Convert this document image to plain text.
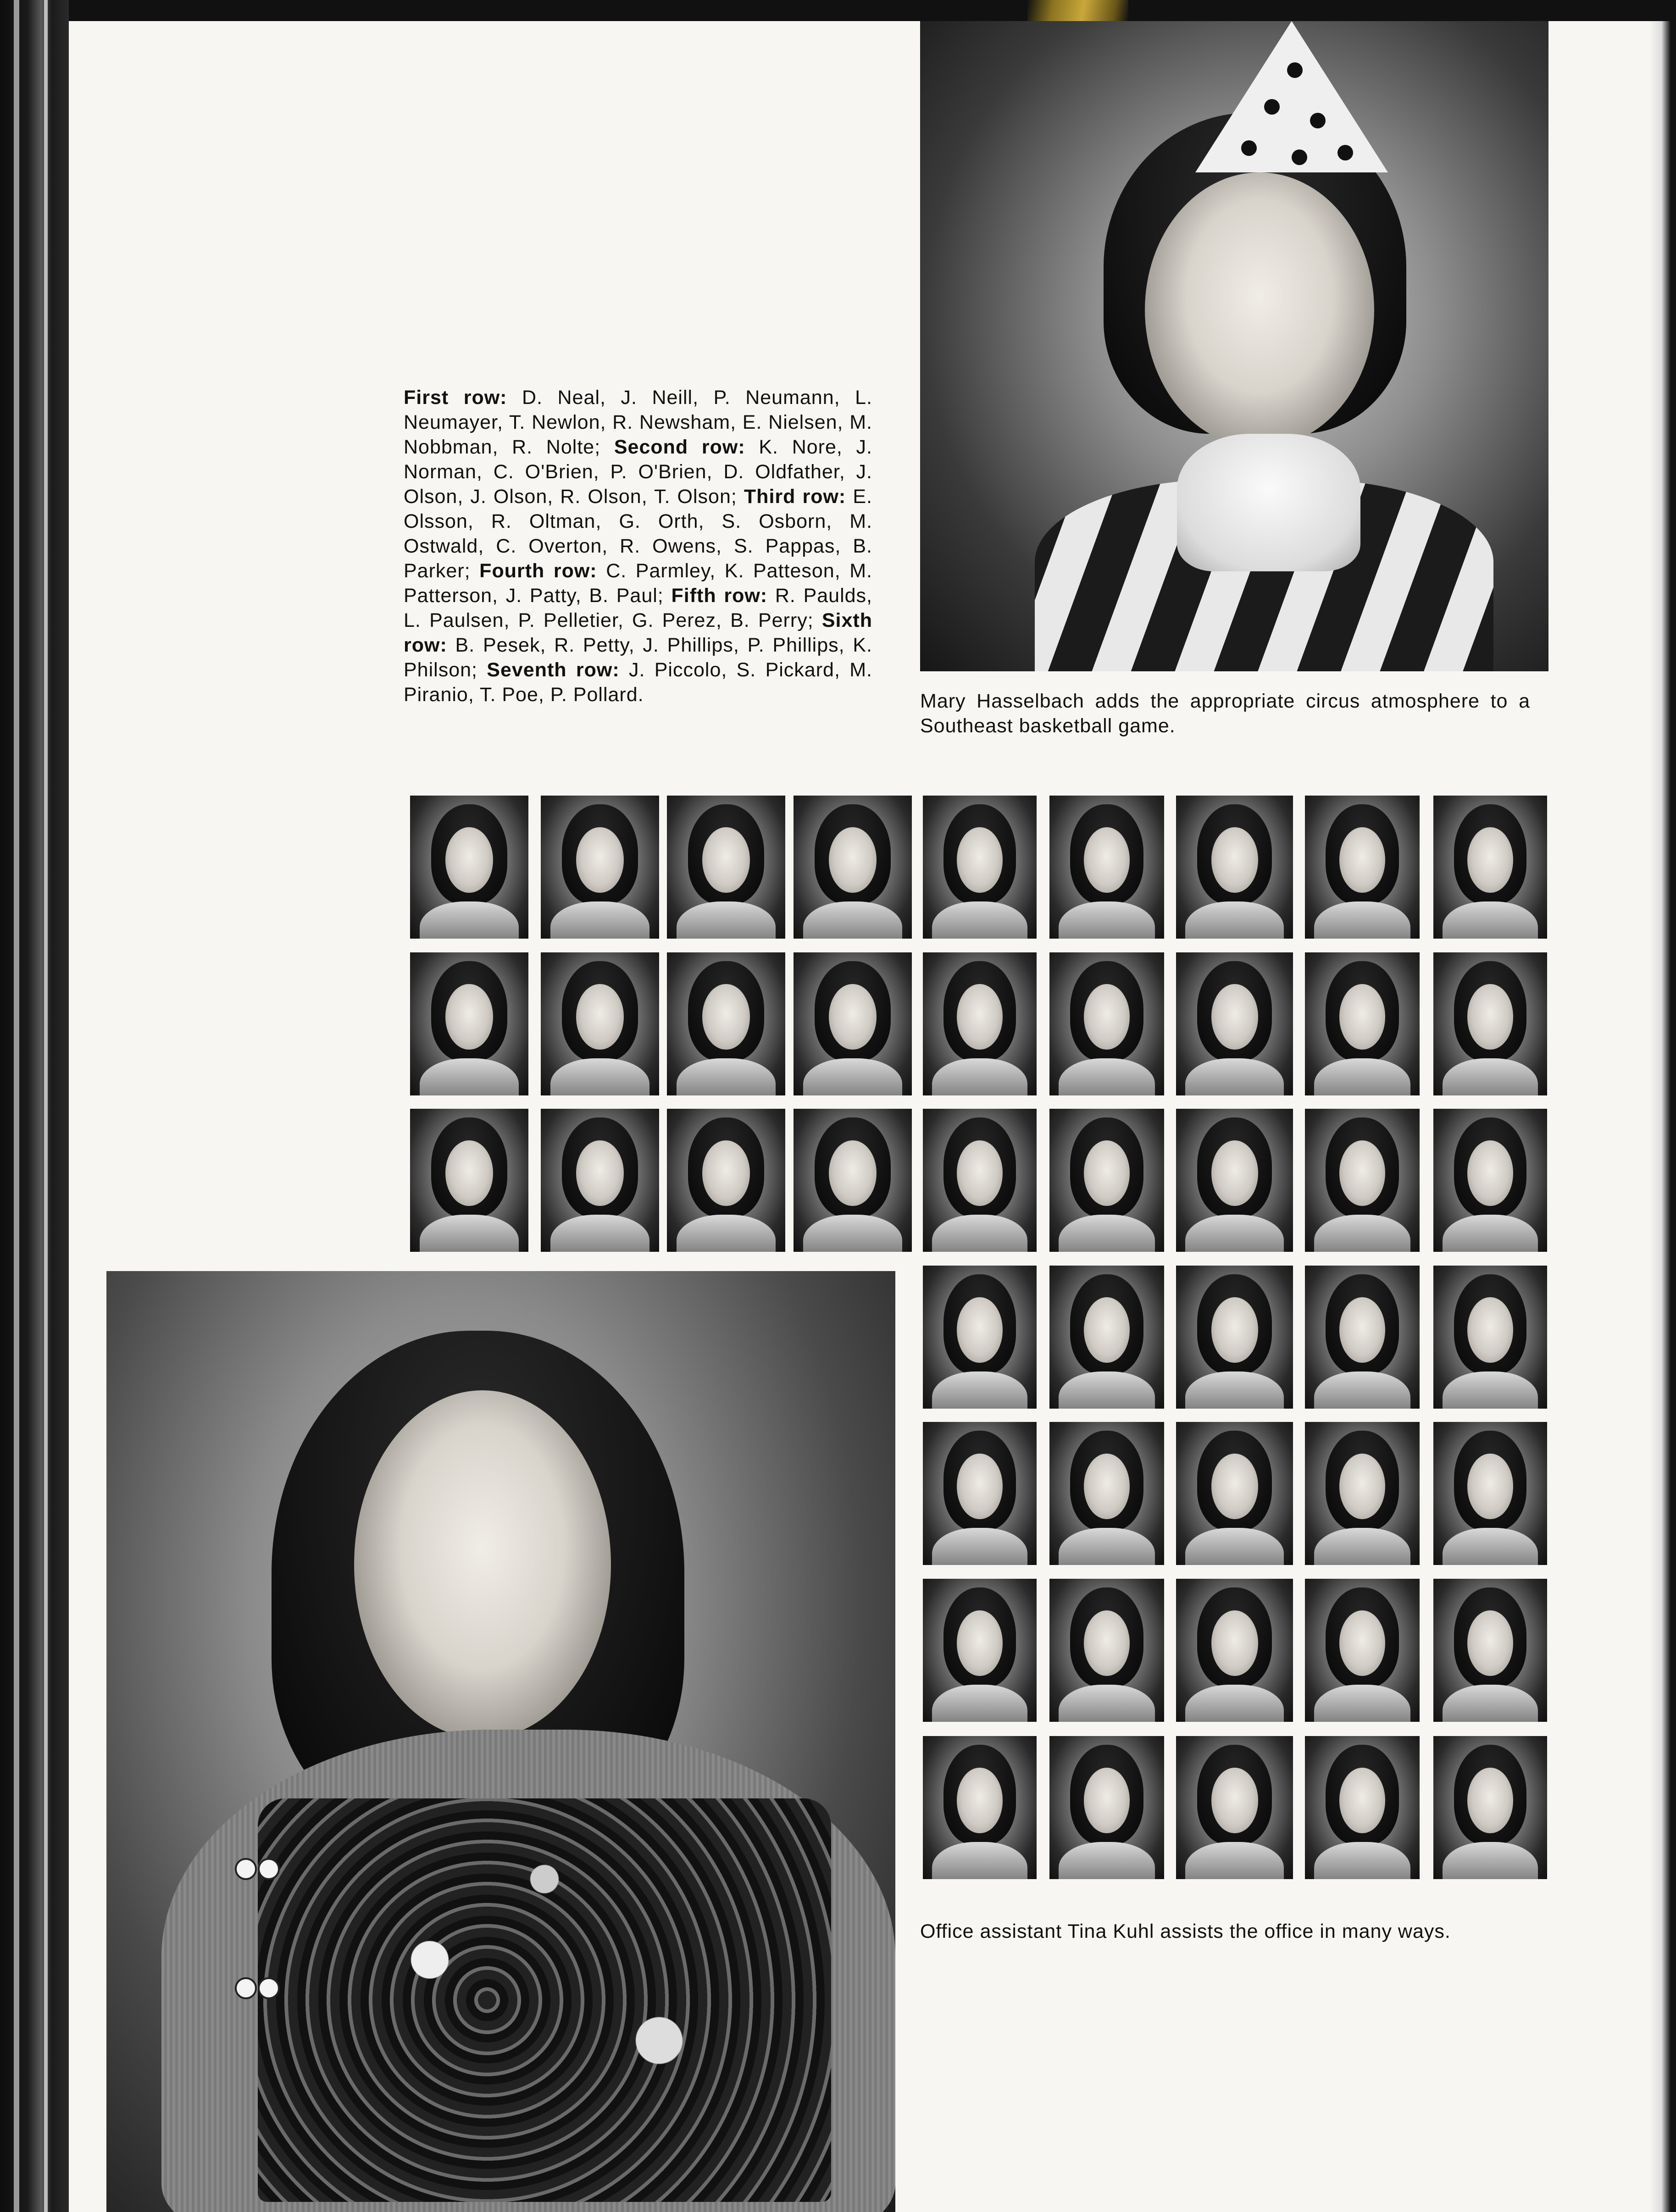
First row: D. Neal, J. Neill, P. Neumann, L. Neumayer, T. Newlon, R. Newsham, E. Nielsen, M. Nobbman, R. Nolte; Second row: K. Nore, J. Norman, C. O'Brien, P. O'Brien, D. Oldfather, J. Olson, J. Olson, R. Olson, T. Olson; Third row: E. Olsson, R. Oltman, G. Orth, S. Osborn, M. Ostwald, C. Overton, R. Owens, S. Pappas, B. Parker; Fourth row: C. Parmley, K. Patteson, M. Patterson, J. Patty, B. Paul; Fifth row: R. Paulds, L. Paulsen, P. Pelletier, G. Perez, B. Perry; Sixth row: B. Pesek, R. Petty, J. Phillips, P. Phillips, K. Philson; Seventh row: J. Piccolo, S. Pickard, M. Piranio, T. Poe, P. Pollard.	Mary Hasselbach adds the appropriate circus atmosphere to a Southeast basketball game.
Office assistant Tina Kuhl assists the office in many ways.
